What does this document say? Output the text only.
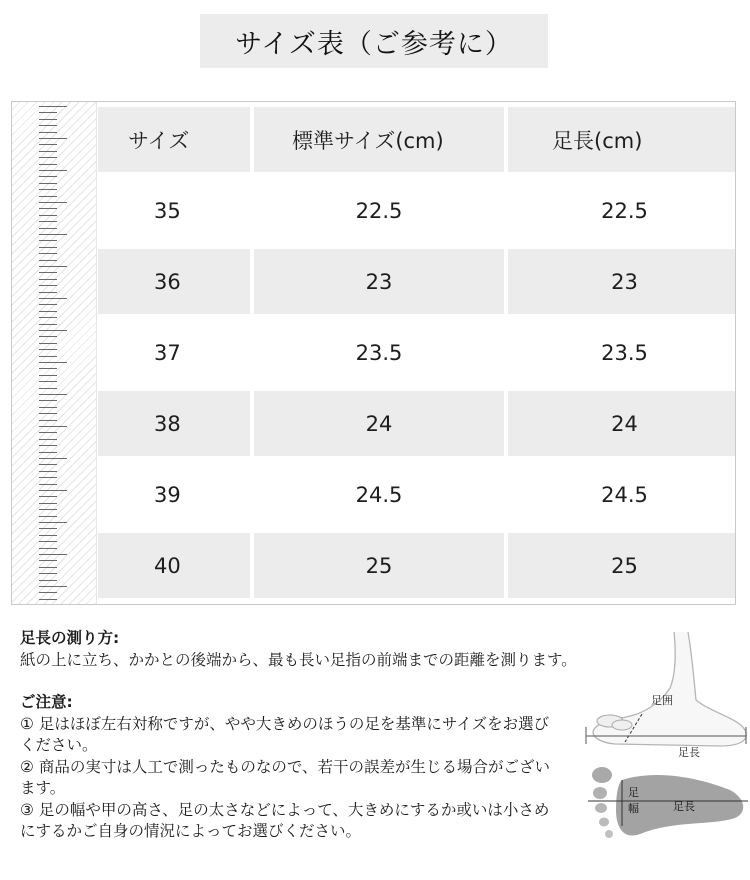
サイズ表（ご参考に）
サイズ	標準サイズ(cm)	足長(cm)
35	22.5	22.5
36	23	23
37	23.5	23.5
38	24	24
39	24.5	24.5
40	25	25

足長の測り方:

紙の上に立ち、かかとの後端から、最も長い足指の前端までの距離を測ります。

ご注意:

① 足はほぼ左右対称ですが、やや大きめのほうの足を基準にサイズをお選びください。

② 商品の実寸は人工で測ったものなので、若干の誤差が生じる場合がございます。

③ 足の幅や甲の高さ、足の太さなどによって、大きめにするか或いは小さめにするかご自身の情況によってお選びください。

足囲
足長
足
幅	足長
